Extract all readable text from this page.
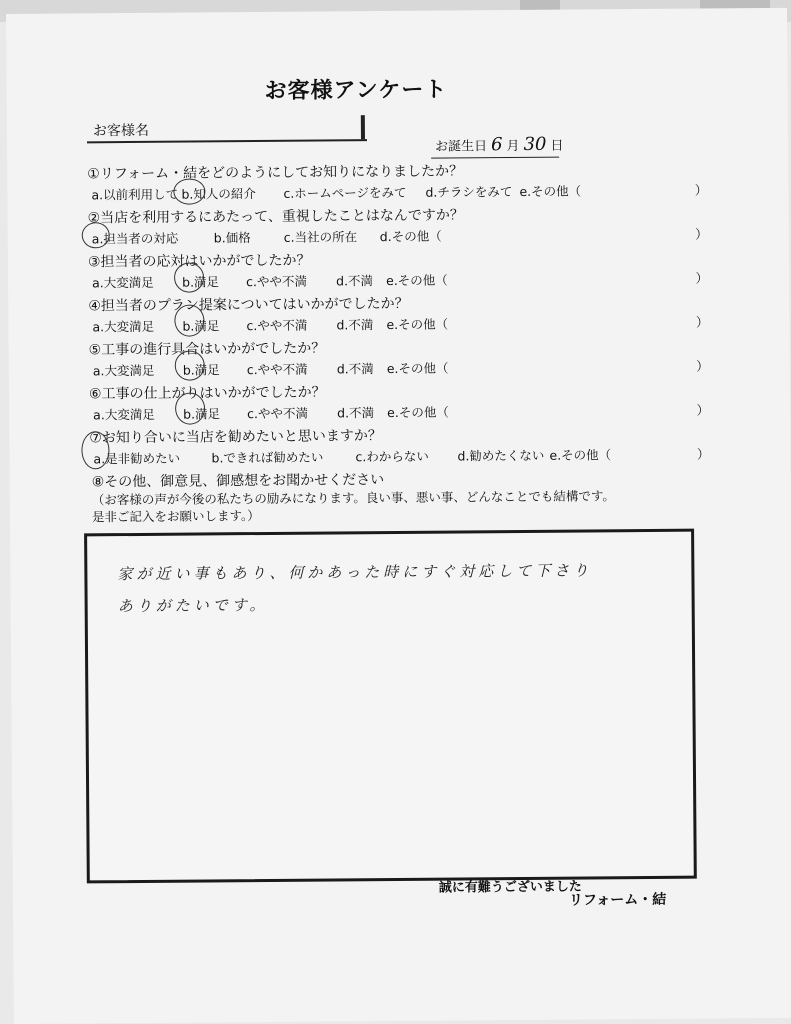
お客様アンケート
お客様名
お誕生日 6 月 30 日
①リフォーム・結をどのようにしてお知りになりましたか？
a.以前利用して b.知人の紹介 c.ホームページをみて d.チラシをみて e.その他（	）
②当店を利用するにあたって、重視したことはなんですか？
a.担当者の対応	b.価格	c.当社の所在 d.その他（	）
③担当者の応対はいかがでしたか？
a.大変満足 b.満足 c.やや不満 d.不満 e.その他（	）
④担当者のプラン提案についてはいかがでしたか？
a.大変満足 b.満足 c.やや不満 d.不満 e.その他（	）
⑤工事の進行具合はいかがでしたか？
a.大変満足 b.満足 c.やや不満 d.不満 e.その他（	）
⑥工事の仕上がりはいかがでしたか？
a.大変満足 b.満足 c.やや不満 d.不満 e.その他（	）
⑦お知り合いに当店を勧めたいと思いますか？
a.是非勧めたい b.できれば勧めたい	c.わからない d.勧めたくない e.その他（	）
⑧その他、御意見、御感想をお聞かせください
（お客様の声が今後の私たちの励みになります。良い事、悪い事、どんなことでも結構です。
是非ご記入をお願いします。）
家が近い事もあり、何かあった時にすぐ対応して下さり
ありがたいです。
誠に有難うございました
リフォーム・結
